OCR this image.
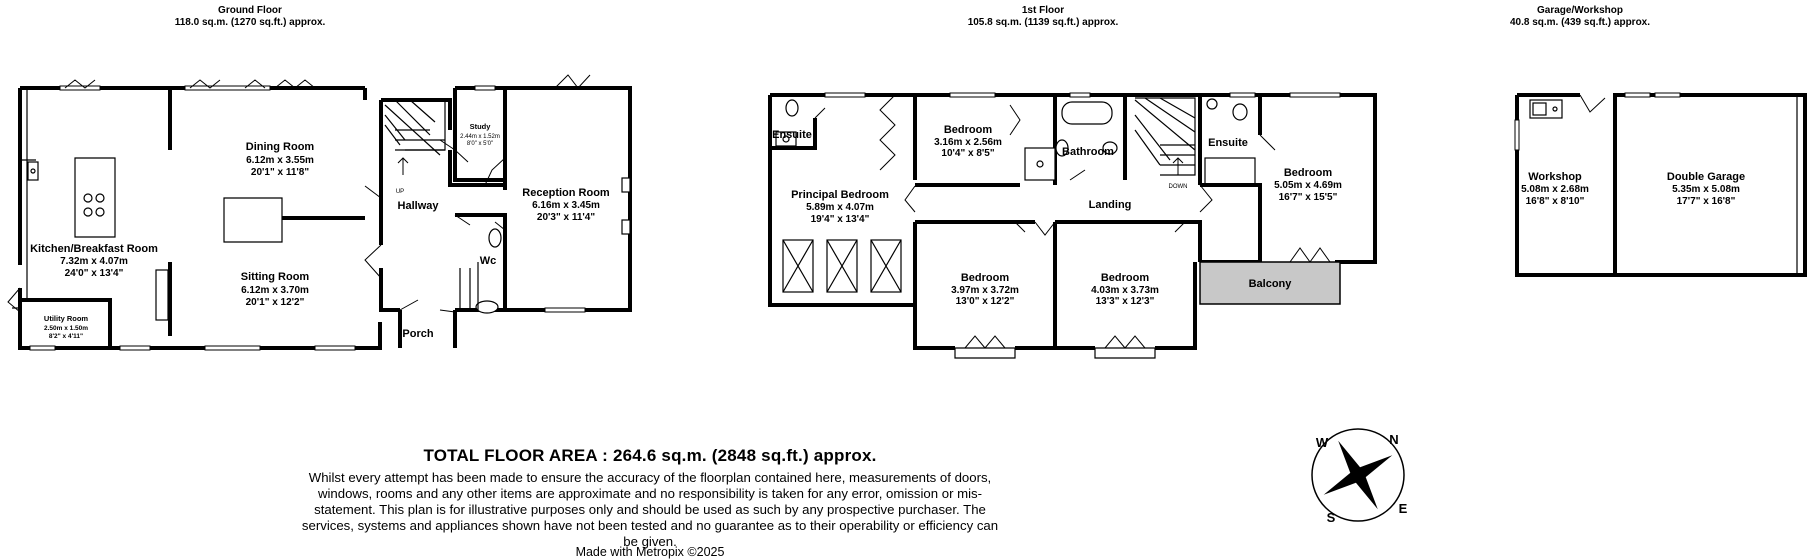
Ground Floor
118.0 sq.m. (1270 sq.ft.) approx.
1st Floor
105.8 sq.m. (1139 sq.ft.) approx.
Garage/Workshop
40.8 sq.m. (439 sq.ft.) approx.
UP
Dining Room
6.12m x 3.55m
20'1" x 11'8"
Kitchen/Breakfast Room
7.32m x 4.07m
24'0" x 13'4"	Sitting Room
6.12m x 3.70m
20'1" x 12'2"
Utility Room
2.50m x 1.50m
8'2" x 4'11"
Hallway
Study
2.44m x 1.52m
8'0" x 5'0"
Wc
Porch
Reception Room
6.16m x 3.45m
20'3" x 11'4"
DOWN
Ensuite
Principal Bedroom
5.89m x 4.07m
19'4" x 13'4"
Bedroom
3.16m x 2.56m
10'4" x 8'5"	Bathroom
Ensuite
Bedroom
5.05m x 4.69m
16'7" x 15'5"
Landing
Bedroom
3.97m x 3.72m
13'0" x 12'2"
Bedroom
4.03m x 3.73m
13'3" x 12'3"
Balcony
Workshop
5.08m x 2.68m
16'8" x 8'10"
Double Garage
5.35m x 5.08m
17'7" x 16'8"
N
E
S
W
TOTAL FLOOR AREA : 264.6 sq.m. (2848 sq.ft.) approx.
Whilst every attempt has been made to ensure the accuracy of the floorplan contained here, measurements of doors, windows, rooms and any other items are approximate and no responsibility is taken for any error, omission or mis-statement. This plan is for illustrative purposes only and should be used as such by any prospective purchaser. The services, systems and appliances shown have not been tested and no guarantee as to their operability or efficiency can be given.
Made with Metropix ©2025
